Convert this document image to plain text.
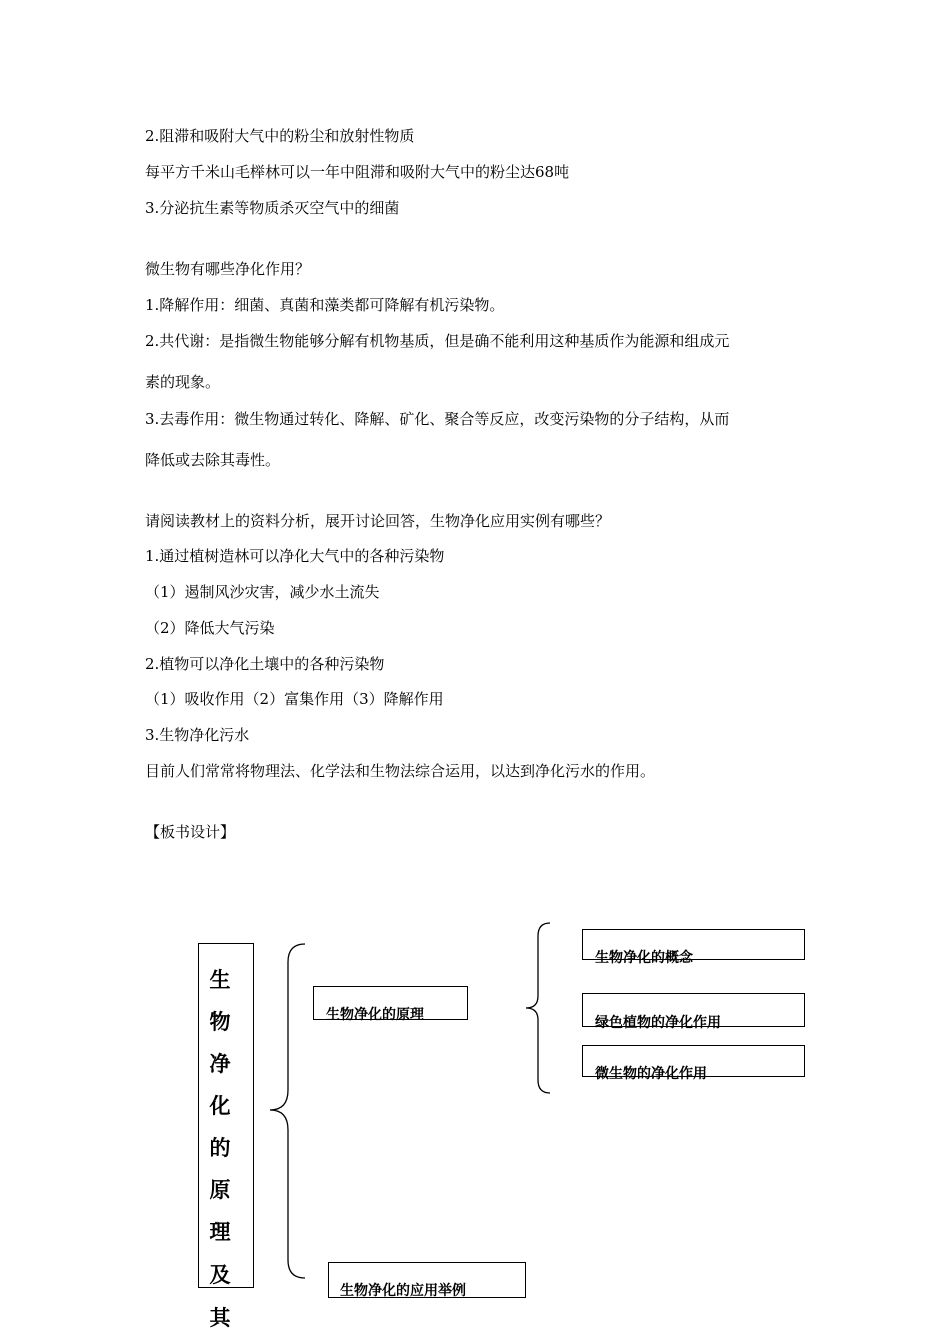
2.阻滞和吸附大气中的粉尘和放射性物质
每平方千米山毛榉林可以一年中阻滞和吸附大气中的粉尘达68吨
3.分泌抗生素等物质杀灭空气中的细菌
微生物有哪些净化作用？
1.降解作用：细菌、真菌和藻类都可降解有机污染物。
2.共代谢：是指微生物能够分解有机物基质，但是确不能利用这种基质作为能源和组成元
素的现象。
3.去毒作用：微生物通过转化、降解、矿化、聚合等反应，改变污染物的分子结构，从而
降低或去除其毒性。
请阅读教材上的资料分析，展开讨论回答，生物净化应用实例有哪些？
1.通过植树造林可以净化大气中的各种污染物
（1）遏制风沙灾害，减少水土流失
（2）降低大气污染
2.植物可以净化土壤中的各种污染物
（1）吸收作用（2）富集作用（3）降解作用
3.生物净化污水
目前人们常常将物理法、化学法和生物法综合运用，以达到净化污水的作用。
【板书设计】
生
物
净
化
的
原
理
及
其
生物净化的原理
生物净化的应用举例
生物净化的概念
绿色植物的净化作用
微生物的净化作用
